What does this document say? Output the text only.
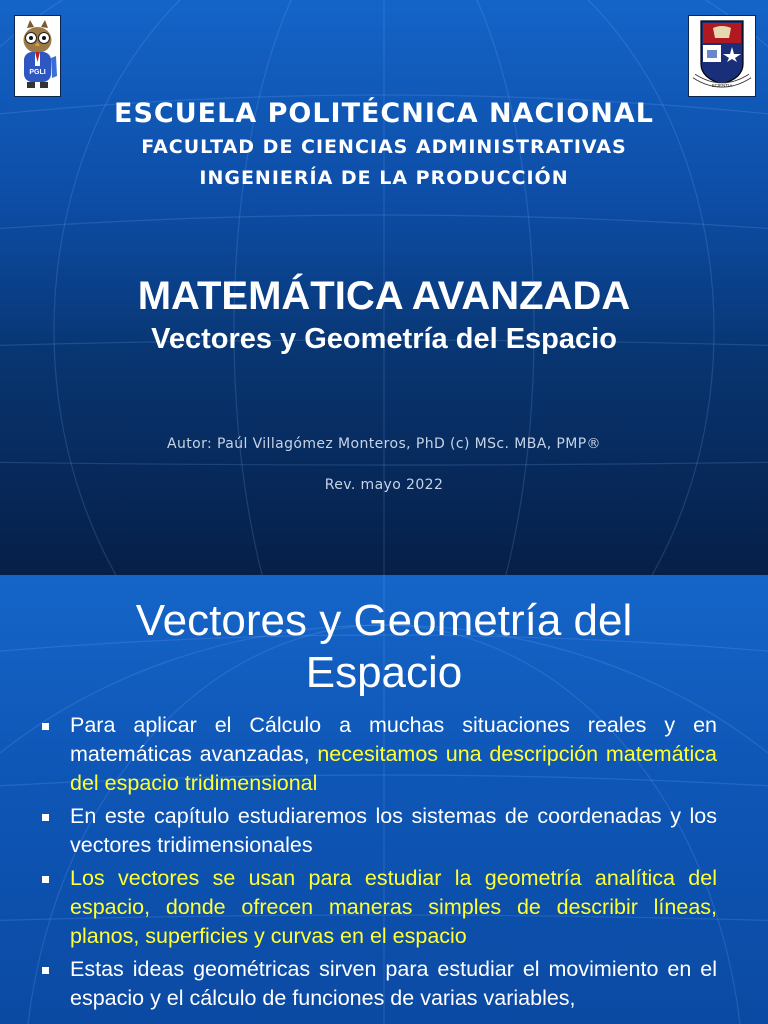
PGLI
SCIENTIA
ESCUELA POLITÉCNICA NACIONAL
FACULTAD DE CIENCIAS ADMINISTRATIVAS
INGENIERÍA DE LA PRODUCCIÓN
MATEMÁTICA AVANZADA
Vectores y Geometría del Espacio
Autor: Paúl Villagómez Monteros, PhD (c) MSc. MBA, PMP®
Rev. mayo 2022
Vectores y Geometría del
Espacio
Para aplicar el Cálculo a muchas situaciones reales y en matemáticas avanzadas, necesitamos una descripción matemática del espacio tridimensional
En este capítulo estudiaremos los sistemas de coordenadas y los vectores tridimensionales
Los vectores se usan para estudiar la geometría analítica del espacio, donde ofrecen maneras simples de describir líneas, planos, superficies y curvas en el espacio
Estas ideas geométricas sirven para estudiar el movimiento en el espacio y el cálculo de funciones de varias variables,
